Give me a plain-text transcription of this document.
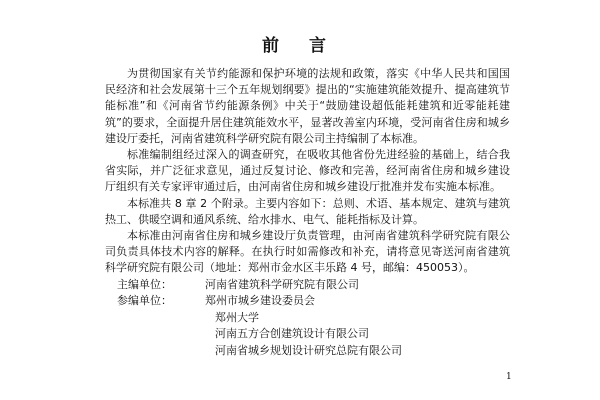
前 言

为贯彻国家有关节约能源和保护环境的法规和政策，落实《中华人民共和国国民经济和社会发展第十三个五年规划纲要》提出的“实施建筑能效提升、提高建筑节能标准”和《河南省节约能源条例》中关于“鼓励建设超低能耗建筑和近零能耗建筑”的要求，全面提升居住建筑能效水平，显著改善室内环境，受河南省住房和城乡建设厅委托，河南省建筑科学研究院有限公司主持编制了本标准。

标准编制组经过深入的调查研究，在吸收其他省份先进经验的基础上，结合我省实际，并广泛征求意见，通过反复讨论、修改和完善，经河南省住房和城乡建设厅组织有关专家评审通过后，由河南省住房和城乡建设厅批准并发布实施本标准。

本标准共 8 章 2 个附录。主要内容如下：总则、术语、基本规定、建筑与建筑热工、供暖空调和通风系统、给水排水、电气、能耗指标及计算。

本标准由河南省住房和城乡建设厅负责管理，由河南省建筑科学研究院有限公司负责具体技术内容的解释。在执行时如需修改和补充，请将意见寄送河南省建筑科学研究院有限公司（地址：郑州市金水区丰乐路 4 号，邮编：450053）。

主编单位：	河南省建筑科学研究院有限公司
参编单位：	郑州市城乡建设委员会
郑州大学
河南五方合创建筑设计有限公司
河南省城乡规划设计研究总院有限公司
1
